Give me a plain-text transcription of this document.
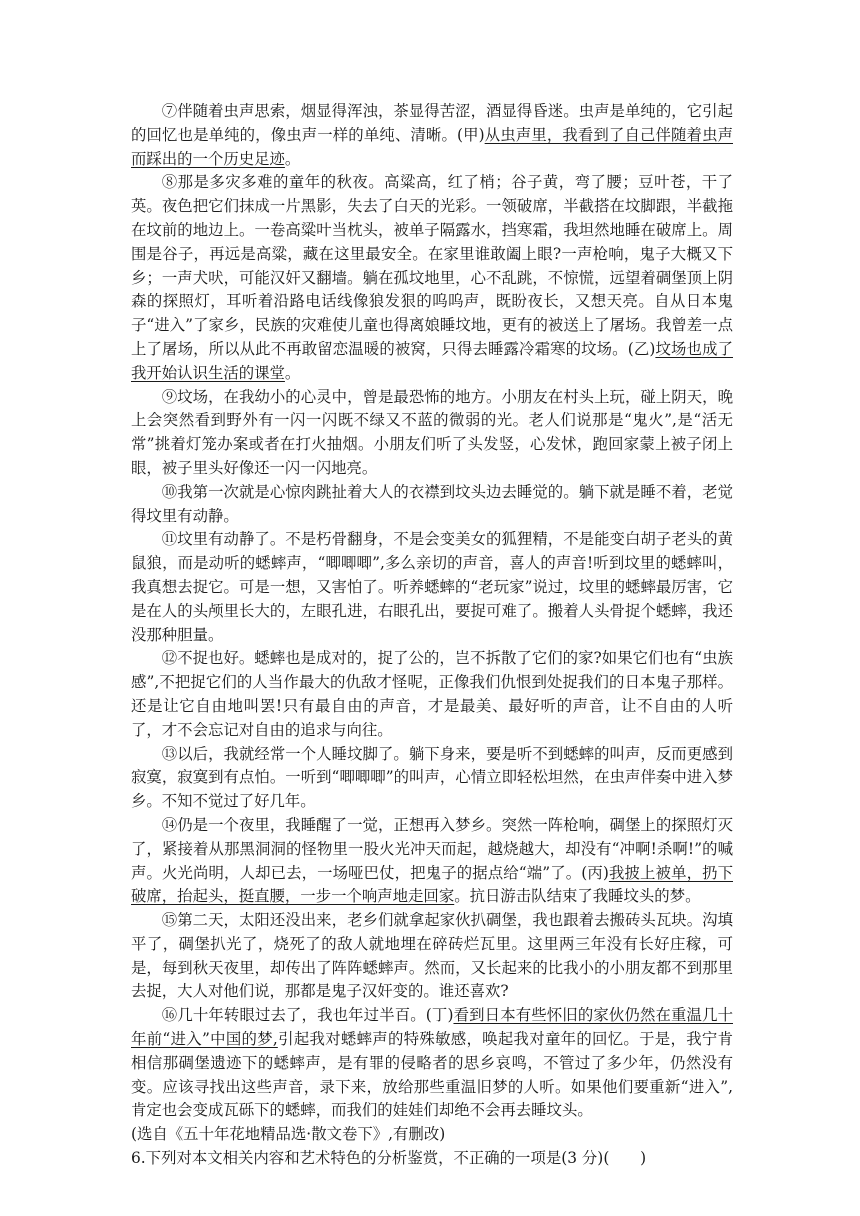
⑦伴随着虫声思索，烟显得浑浊，茶显得苦涩，酒显得昏迷。虫声是单纯的，它引起的回忆也是单纯的，像虫声一样的单纯、清晰。(甲)从虫声里，我看到了自己伴随着虫声而踩出的一个历史足迹。

⑧那是多灾多难的童年的秋夜。高粱高，红了梢；谷子黄，弯了腰；豆叶苍，干了英。夜色把它们抹成一片黑影，失去了白天的光彩。一领破席，半截搭在坟脚跟，半截拖在坟前的地边上。一卷高粱叶当枕头，被单子隔露水，挡寒霜，我坦然地睡在破席上。周围是谷子，再远是高粱，藏在这里最安全。在家里谁敢阖上眼?一声枪响，鬼子大概又下乡；一声犬吠，可能汉奸又翻墙。躺在孤坟地里，心不乱跳，不惊慌，远望着碉堡顶上阴森的探照灯，耳听着沿路电话线像狼发狠的呜呜声，既盼夜长，又想天亮。自从日本鬼子“进入”了家乡，民族的灾难使儿童也得离娘睡坟地，更有的被送上了屠场。我曾差一点上了屠场，所以从此不再敢留恋温暖的被窝，只得去睡露冷霜寒的坟场。(乙)坟场也成了我开始认识生活的课堂。

⑨坟场，在我幼小的心灵中，曾是最恐怖的地方。小朋友在村头上玩，碰上阴天，晚上会突然看到野外有一闪一闪既不绿又不蓝的微弱的光。老人们说那是“鬼火”,是“活无常”挑着灯笼办案或者在打火抽烟。小朋友们听了头发竖，心发怵，跑回家蒙上被子闭上眼，被子里头好像还一闪一闪地亮。

⑩我第一次就是心惊肉跳扯着大人的衣襟到坟头边去睡觉的。躺下就是睡不着，老觉得坟里有动静。

⑪坟里有动静了。不是朽骨翻身，不是会变美女的狐狸精，不是能变白胡子老头的黄鼠狼，而是动听的蟋蟀声，“唧唧唧”,多么亲切的声音，喜人的声音!听到坟里的蟋蟀叫，我真想去捉它。可是一想，又害怕了。听养蟋蟀的“老玩家”说过，坟里的蟋蟀最厉害，它是在人的头颅里长大的，左眼孔进，右眼孔出，要捉可难了。搬着人头骨捉个蟋蟀，我还没那种胆量。

⑫不捉也好。蟋蟀也是成对的，捉了公的，岂不拆散了它们的家?如果它们也有“虫族感”,不把捉它们的人当作最大的仇敌才怪呢，正像我们仇恨到处捉我们的日本鬼子那样。还是让它自由地叫罢!只有最自由的声音，才是最美、最好听的声音，让不自由的人听了，才不会忘记对自由的追求与向往。

⑬以后，我就经常一个人睡坟脚了。躺下身来，要是听不到蟋蟀的叫声，反而更感到寂寞，寂寞到有点怕。一听到“唧唧唧”的叫声，心情立即轻松坦然，在虫声伴奏中进入梦乡。不知不觉过了好几年。

⑭仍是一个夜里，我睡醒了一觉，正想再入梦乡。突然一阵枪响，碉堡上的探照灯灭了，紧接着从那黑洞洞的怪物里一股火光冲天而起，越烧越大，却没有“冲啊!杀啊!”的喊声。火光尚明，人却已去，一场哑巴仗，把鬼子的据点给“端”了。(丙)我披上被单，扔下破席，抬起头，挺直腰，一步一个响声地走回家。抗日游击队结束了我睡坟头的梦。

⑮第二天，太阳还没出来，老乡们就拿起家伙扒碉堡，我也跟着去搬砖头瓦块。沟填平了，碉堡扒光了，烧死了的敌人就地埋在碎砖烂瓦里。这里两三年没有长好庄稼，可是，每到秋天夜里，却传出了阵阵蟋蟀声。然而，又长起来的比我小的小朋友都不到那里去捉，大人对他们说，那都是鬼子汉奸变的。谁还喜欢?

⑯几十年转眼过去了，我也年过半百。(丁)看到日本有些怀旧的家伙仍然在重温几十年前“进入”中国的梦,引起我对蟋蟀声的特殊敏感，唤起我对童年的回忆。于是，我宁肯相信那碉堡遗迹下的蟋蟀声，是有罪的侵略者的思乡哀鸣，不管过了多少年，仍然没有变。应该寻找出这些声音，录下来，放给那些重温旧梦的人听。如果他们要重新“进入”,肯定也会变成瓦砾下的蟋蟀，而我们的娃娃们却绝不会再去睡坟头。

(选自《五十年花地精品选·散文卷下》,有删改)

6.下列对本文相关内容和艺术特色的分析鉴赏，不正确的一项是(3 分)(　　)
